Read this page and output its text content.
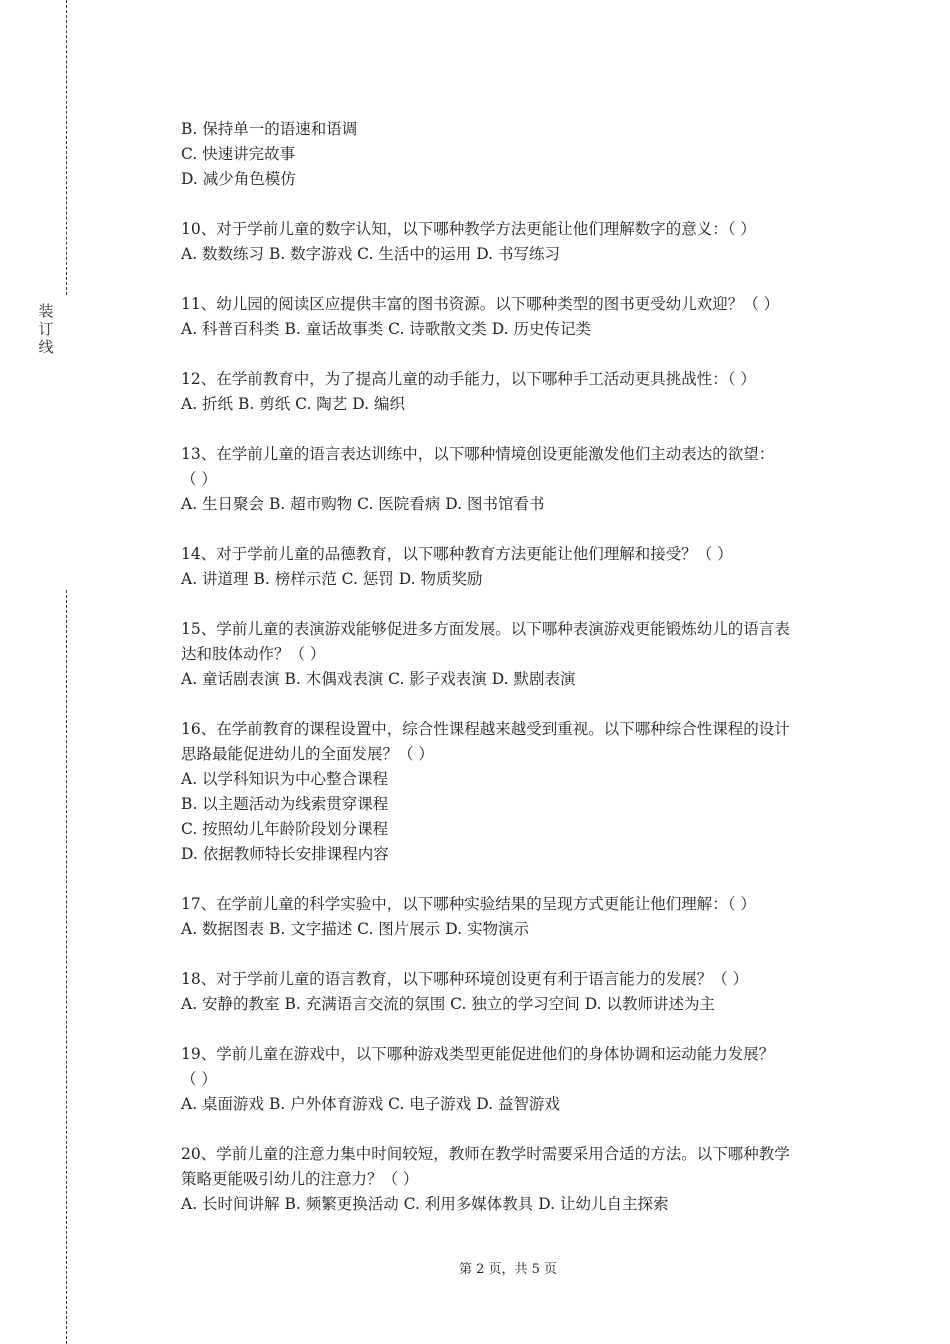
装订线
B. 保持单一的语速和语调
C. 快速讲完故事
D. 减少角色模仿
10、对于学前儿童的数字认知，以下哪种教学方法更能让他们理解数字的意义：（ ）
A. 数数练习 B. 数字游戏 C. 生活中的运用 D. 书写练习
11、幼儿园的阅读区应提供丰富的图书资源。以下哪种类型的图书更受幼儿欢迎？（ ）
A. 科普百科类 B. 童话故事类 C. 诗歌散文类 D. 历史传记类
12、在学前教育中，为了提高儿童的动手能力，以下哪种手工活动更具挑战性：（ ）
A. 折纸 B. 剪纸 C. 陶艺 D. 编织
13、在学前儿童的语言表达训练中，以下哪种情境创设更能激发他们主动表达的欲望：
（ ）
A. 生日聚会 B. 超市购物 C. 医院看病 D. 图书馆看书
14、对于学前儿童的品德教育，以下哪种教育方法更能让他们理解和接受？（ ）
A. 讲道理 B. 榜样示范 C. 惩罚 D. 物质奖励
15、学前儿童的表演游戏能够促进多方面发展。以下哪种表演游戏更能锻炼幼儿的语言表
达和肢体动作？（ ）
A. 童话剧表演 B. 木偶戏表演 C. 影子戏表演 D. 默剧表演
16、在学前教育的课程设置中，综合性课程越来越受到重视。以下哪种综合性课程的设计
思路最能促进幼儿的全面发展？（ ）
A. 以学科知识为中心整合课程
B. 以主题活动为线索贯穿课程
C. 按照幼儿年龄阶段划分课程
D. 依据教师特长安排课程内容
17、在学前儿童的科学实验中，以下哪种实验结果的呈现方式更能让他们理解：（ ）
A. 数据图表 B. 文字描述 C. 图片展示 D. 实物演示
18、对于学前儿童的语言教育，以下哪种环境创设更有利于语言能力的发展？（ ）
A. 安静的教室 B. 充满语言交流的氛围 C. 独立的学习空间 D. 以教师讲述为主
19、学前儿童在游戏中，以下哪种游戏类型更能促进他们的身体协调和运动能力发展？
（ ）
A. 桌面游戏 B. 户外体育游戏 C. 电子游戏 D. 益智游戏
20、学前儿童的注意力集中时间较短，教师在教学时需要采用合适的方法。以下哪种教学
策略更能吸引幼儿的注意力？（ ）
A. 长时间讲解 B. 频繁更换活动 C. 利用多媒体教具 D. 让幼儿自主探索
第 2 页，共 5 页
